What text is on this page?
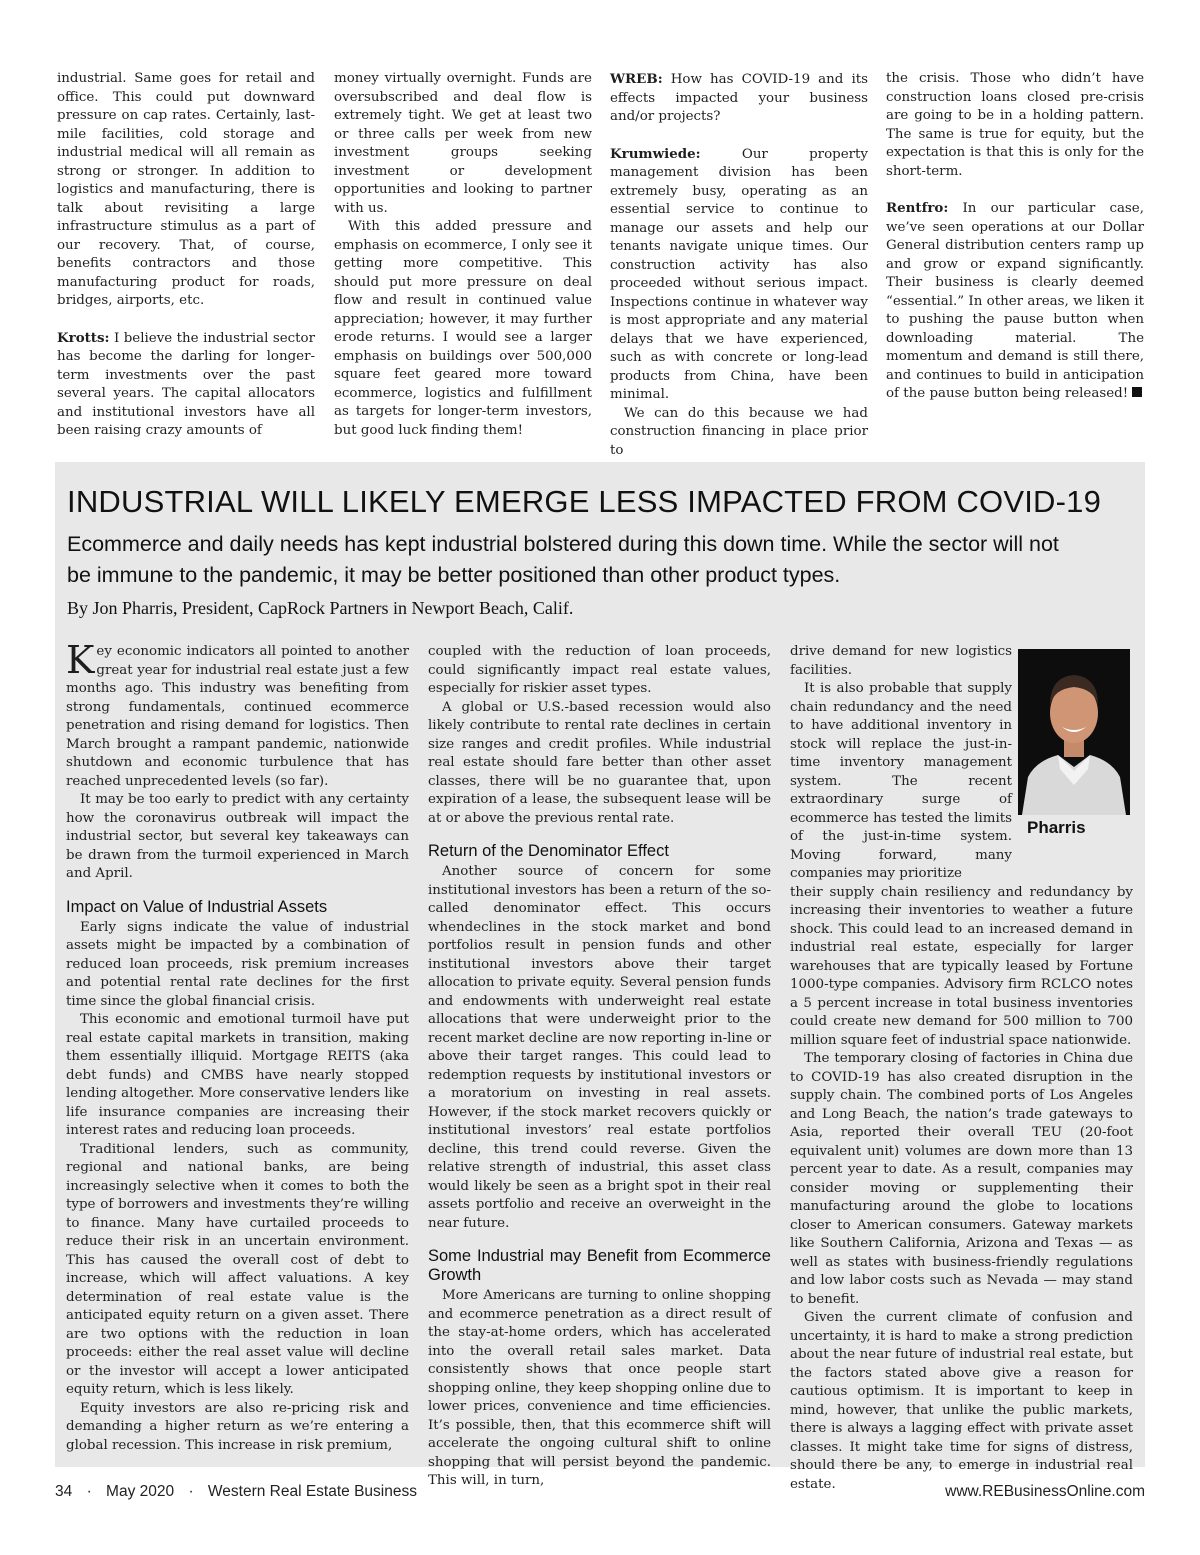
industrial. Same goes for retail and office. This could put downward pressure on cap rates. Certainly, last-mile facilities, cold storage and industrial medical will all remain as strong or stronger. In addition to logistics and manufacturing, there is talk about revisiting a large infrastructure stimulus as a part of our recovery. That, of course, benefits contractors and those manufacturing product for roads, bridges, airports, etc.

Krotts: I believe the industrial sector has become the darling for longer-term investments over the past several years. The capital allocators and institutional investors have all been raising crazy amounts of

money virtually overnight. Funds are oversubscribed and deal flow is extremely tight. We get at least two or three calls per week from new investment groups seeking investment or development opportunities and looking to partner with us.

With this added pressure and emphasis on ecommerce, I only see it getting more competitive. This should put more pressure on deal flow and result in continued value appreciation; however, it may further erode returns. I would see a larger emphasis on buildings over 500,000 square feet geared more toward ecommerce, logistics and fulfillment as targets for longer-term investors, but good luck finding them!

WREB: How has COVID-19 and its effects impacted your business and/or projects?

Krumwiede: Our property management division has been extremely busy, operating as an essential service to continue to manage our assets and help our tenants navigate unique times. Our construction activity has also proceeded without serious impact. Inspections continue in whatever way is most appropriate and any material delays that we have experienced, such as with concrete or long-lead products from China, have been minimal.

We can do this because we had construction financing in place prior to

the crisis. Those who didn’t have construction loans closed pre-crisis are going to be in a holding pattern. The same is true for equity, but the expectation is that this is only for the short-term.

Rentfro: In our particular case, we’ve seen operations at our Dollar General distribution centers ramp up and grow or expand significantly. Their business is clearly deemed “essential.” In other areas, we liken it to pushing the pause button when downloading material. The momentum and demand is still there, and continues to build in anticipation of the pause button being released!

INDUSTRIAL WILL LIKELY EMERGE LESS IMPACTED FROM COVID-19

Ecommerce and daily needs has kept industrial bolstered during this down time. While the sector will not be immune to the pandemic, it may be better positioned than other product types.

By Jon Pharris, President, CapRock Partners in Newport Beach, Calif.

Key economic indicators all pointed to another great year for industrial real estate just a few months ago. This industry was benefiting from strong fundamentals, continued ecommerce penetration and rising demand for logistics. Then March brought a rampant pandemic, nationwide shutdown and economic turbulence that has reached unprecedented levels (so far).

It may be too early to predict with any certainty how the coronavirus outbreak will impact the industrial sector, but several key takeaways can be drawn from the turmoil experienced in March and April.

Impact on Value of Industrial Assets

Early signs indicate the value of industrial assets might be impacted by a combination of reduced loan proceeds, risk premium increases and potential rental rate declines for the first time since the global financial crisis.

This economic and emotional turmoil have put real estate capital markets in transition, making them essentially illiquid. Mortgage REITS (aka debt funds) and CMBS have nearly stopped lending altogether. More conservative lenders like life insurance companies are increasing their interest rates and reducing loan proceeds.

Traditional lenders, such as community, regional and national banks, are being increasingly selective when it comes to both the type of borrowers and investments they’re willing to finance. Many have curtailed proceeds to reduce their risk in an uncertain environment. This has caused the overall cost of debt to increase, which will affect valuations. A key determination of real estate value is the anticipated equity return on a given asset. There are two options with the reduction in loan proceeds: either the real asset value will decline or the investor will accept a lower anticipated equity return, which is less likely.

Equity investors are also re-pricing risk and demanding a higher return as we’re entering a global recession. This increase in risk premium,

coupled with the reduction of loan proceeds, could significantly impact real estate values, especially for riskier asset types.

A global or U.S.-based recession would also likely contribute to rental rate declines in certain size ranges and credit profiles. While industrial real estate should fare better than other asset classes, there will be no guarantee that, upon expiration of a lease, the subsequent lease will be at or above the previous rental rate.

Return of the Denominator Effect

Another source of concern for some institutional investors has been a return of the so-called denominator effect. This occurs whendeclines in the stock market and bond portfolios result in pension funds and other institutional investors above their target allocation to private equity. Several pension funds and endowments with underweight real estate allocations that were underweight prior to the recent market decline are now reporting in-line or above their target ranges. This could lead to redemption requests by institutional investors or a moratorium on investing in real assets. However, if the stock market recovers quickly or institutional investors’ real estate portfolios decline, this trend could reverse. Given the relative strength of industrial, this asset class would likely be seen as a bright spot in their real assets portfolio and receive an overweight in the near future.

Some Industrial may Benefit from Ecommerce Growth

More Americans are turning to online shopping and ecommerce penetration as a direct result of the stay-at-home orders, which has accelerated into the overall retail sales market. Data consistently shows that once people start shopping online, they keep shopping online due to lower prices, convenience and time efficiencies. It’s possible, then, that this ecommerce shift will accelerate the ongoing cultural shift to online shopping that will persist beyond the pandemic. This will, in turn,

drive demand for new logistics facilities.

It is also probable that supply chain redundancy and the need to have additional inventory in stock will replace the just-in-time inventory management system. The recent extraordinary surge of ecommerce has tested the limits of the just-in-time system. Moving forward, many companies may prioritize

their supply chain resiliency and redundancy by increasing their inventories to weather a future shock. This could lead to an increased demand in industrial real estate, especially for larger warehouses that are typically leased by Fortune 1000-type companies. Advisory firm RCLCO notes a 5 percent increase in total business inventories could create new demand for 500 million to 700 million square feet of industrial space nationwide.

The temporary closing of factories in China due to COVID-19 has also created disruption in the supply chain. The combined ports of Los Angeles and Long Beach, the nation’s trade gateways to Asia, reported their overall TEU (20-foot equivalent unit) volumes are down more than 13 percent year to date. As a result, companies may consider moving or supplementing their manufacturing around the globe to locations closer to American consumers. Gateway markets like Southern California, Arizona and Texas — as well as states with business-friendly regulations and low labor costs such as Nevada — may stand to benefit.

Given the current climate of confusion and uncertainty, it is hard to make a strong prediction about the near future of industrial real estate, but the factors stated above give a reason for cautious optimism. It is important to keep in mind, however, that unlike the public markets, there is always a lagging effect with private asset classes. It might take time for signs of distress, should there be any, to emerge in industrial real estate.

Pharris

34 · May 2020 · Western Real Estate Business	www.REBusinessOnline.com
